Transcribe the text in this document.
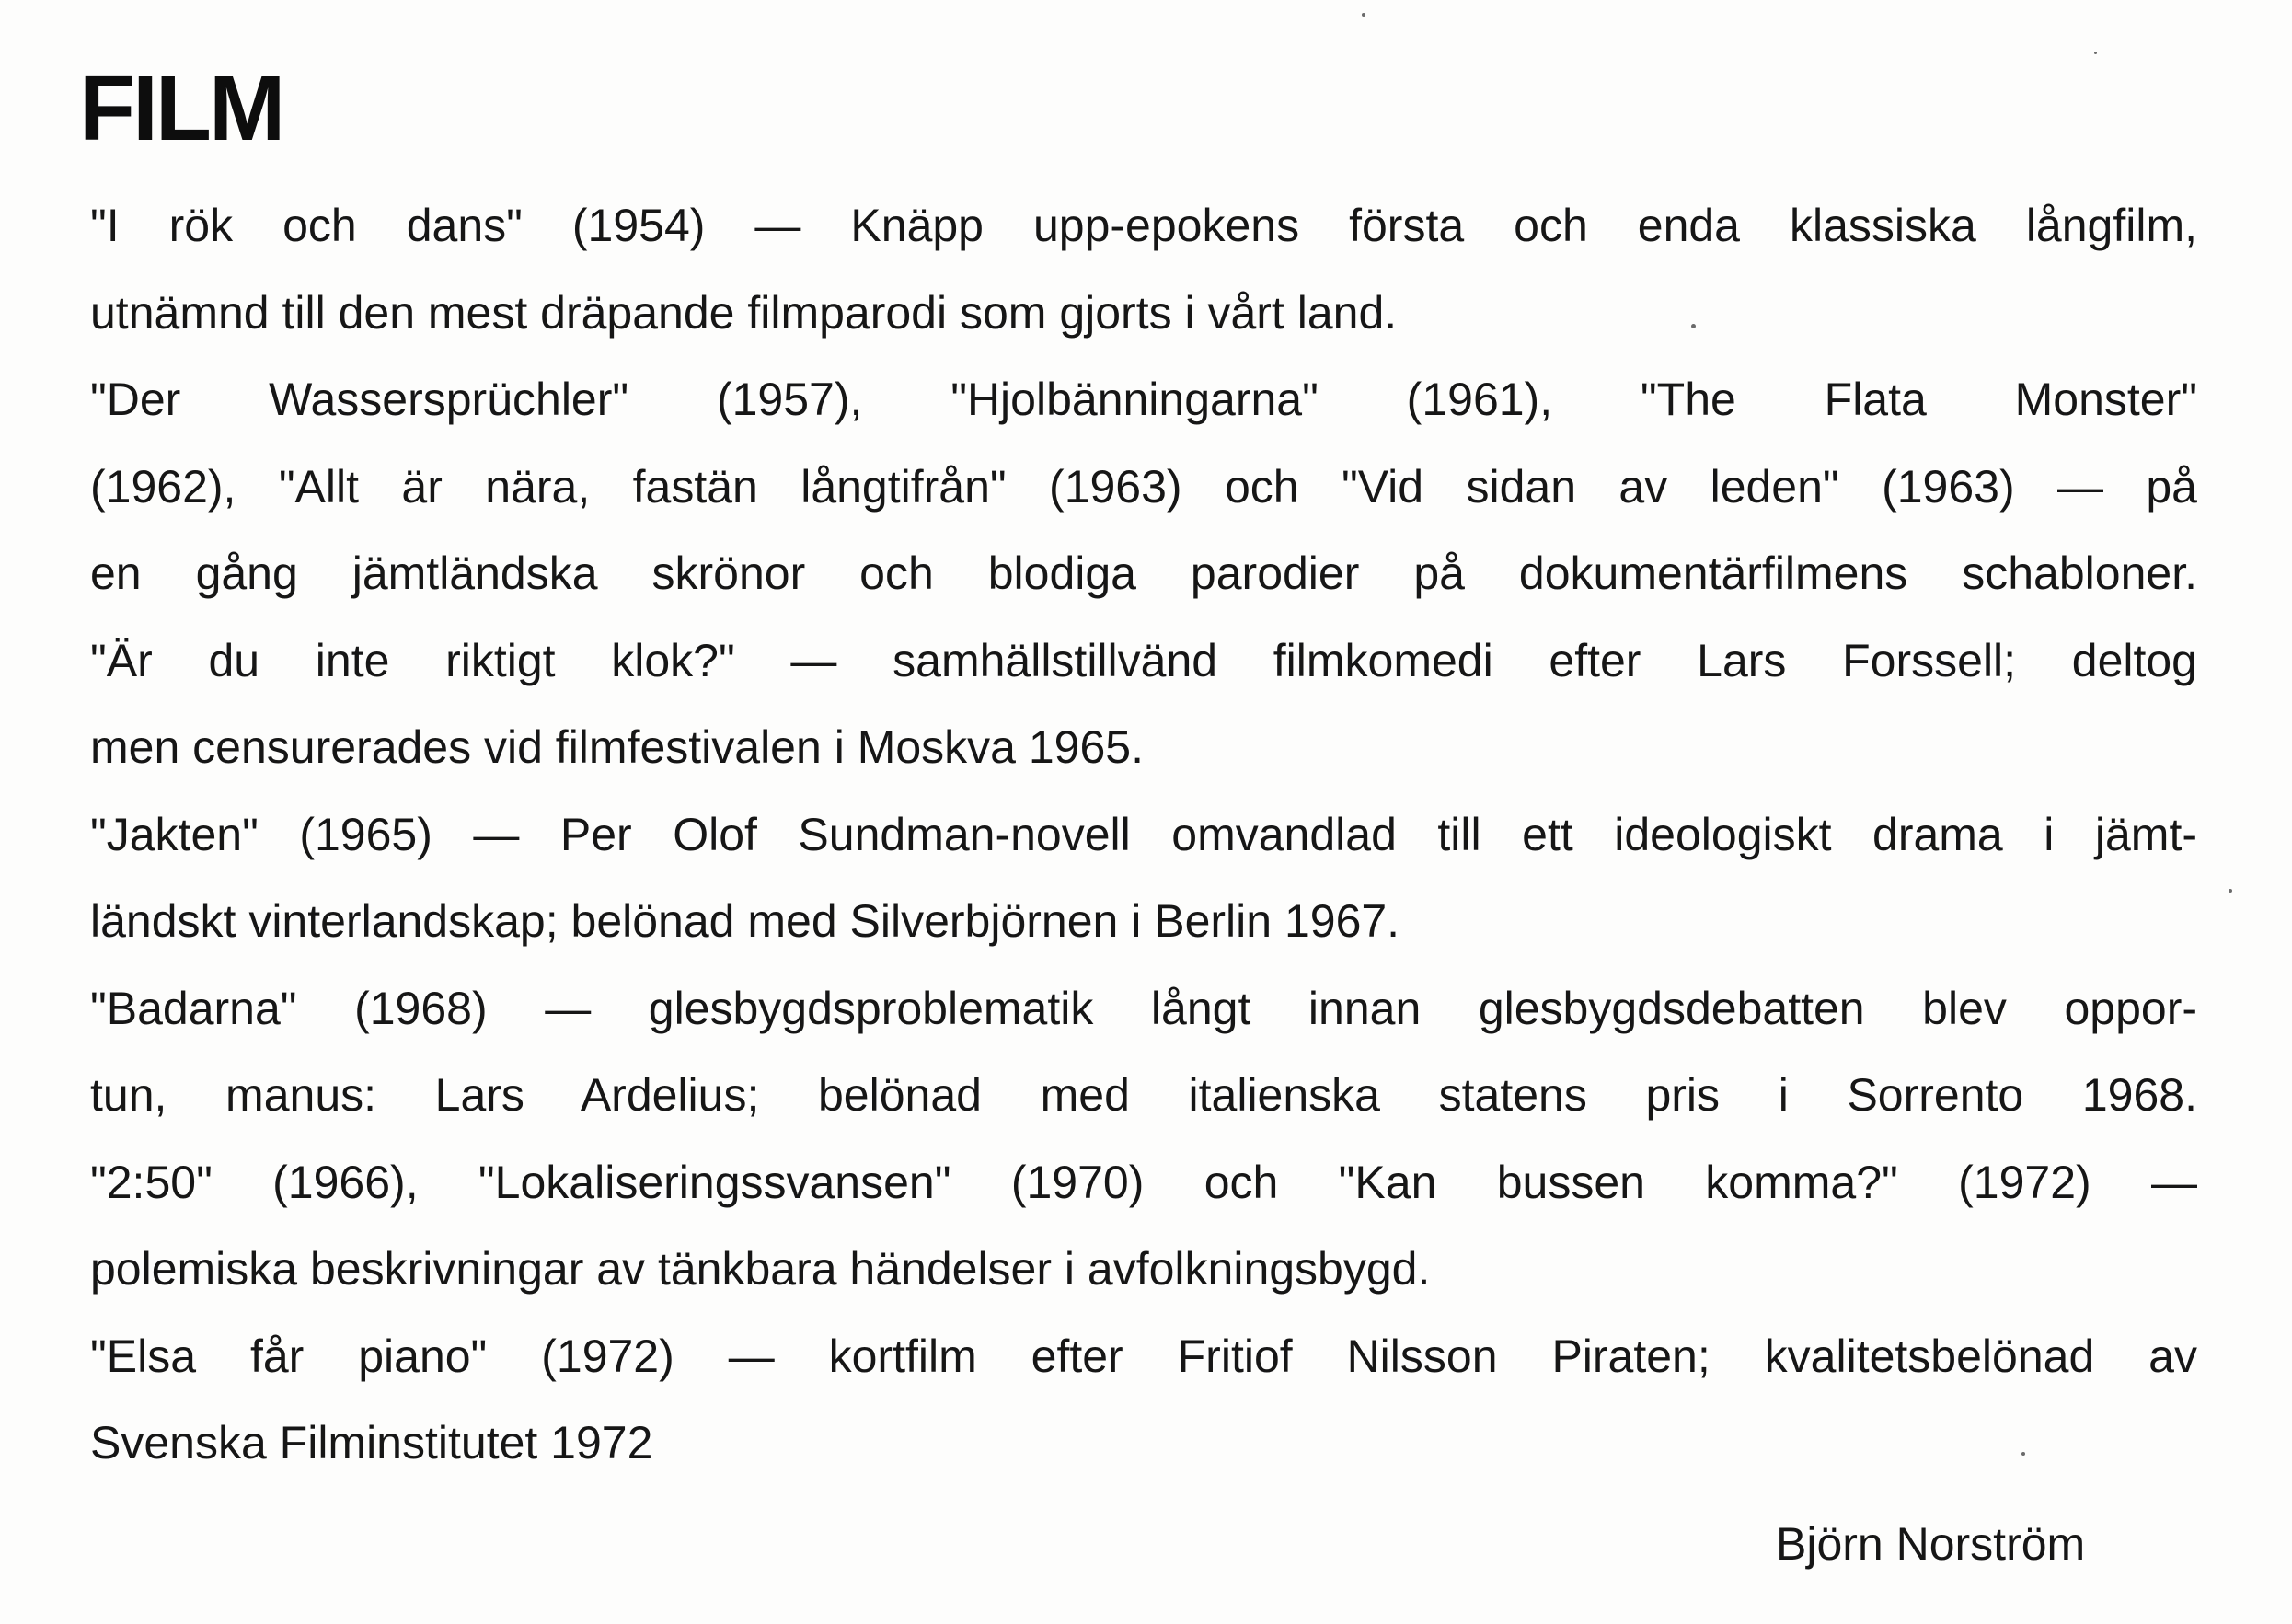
FILM
"I rök och dans" (1954) — Knäpp upp-epokens första och enda klassiska långfilm,
utnämnd till den mest dräpande filmparodi som gjorts i vårt land.
"Der Wassersprüchler" (1957), "Hjolbänningarna" (1961), "The Flata Monster"
(1962), "Allt är nära, fastän långtifrån" (1963) och "Vid sidan av leden" (1963) — på
en gång jämtländska skrönor och blodiga parodier på dokumentärfilmens schabloner.
"Är du inte riktigt klok?" — samhällstillvänd filmkomedi efter Lars Forssell; deltog
men censurerades vid filmfestivalen i Moskva 1965.
"Jakten" (1965) — Per Olof Sundman-novell omvandlad till ett ideologiskt drama i jämt-
ländskt vinterlandskap; belönad med Silverbjörnen i Berlin 1967.
"Badarna" (1968) — glesbygdsproblematik långt innan glesbygdsdebatten blev oppor-
tun, manus: Lars Ardelius; belönad med italienska statens pris i Sorrento 1968.
"2:50" (1966), "Lokaliseringssvansen" (1970) och "Kan bussen komma?" (1972) —
polemiska beskrivningar av tänkbara händelser i avfolkningsbygd.
"Elsa får piano" (1972) — kortfilm efter Fritiof Nilsson Piraten; kvalitetsbelönad av
Svenska Filminstitutet 1972
Björn Norström
